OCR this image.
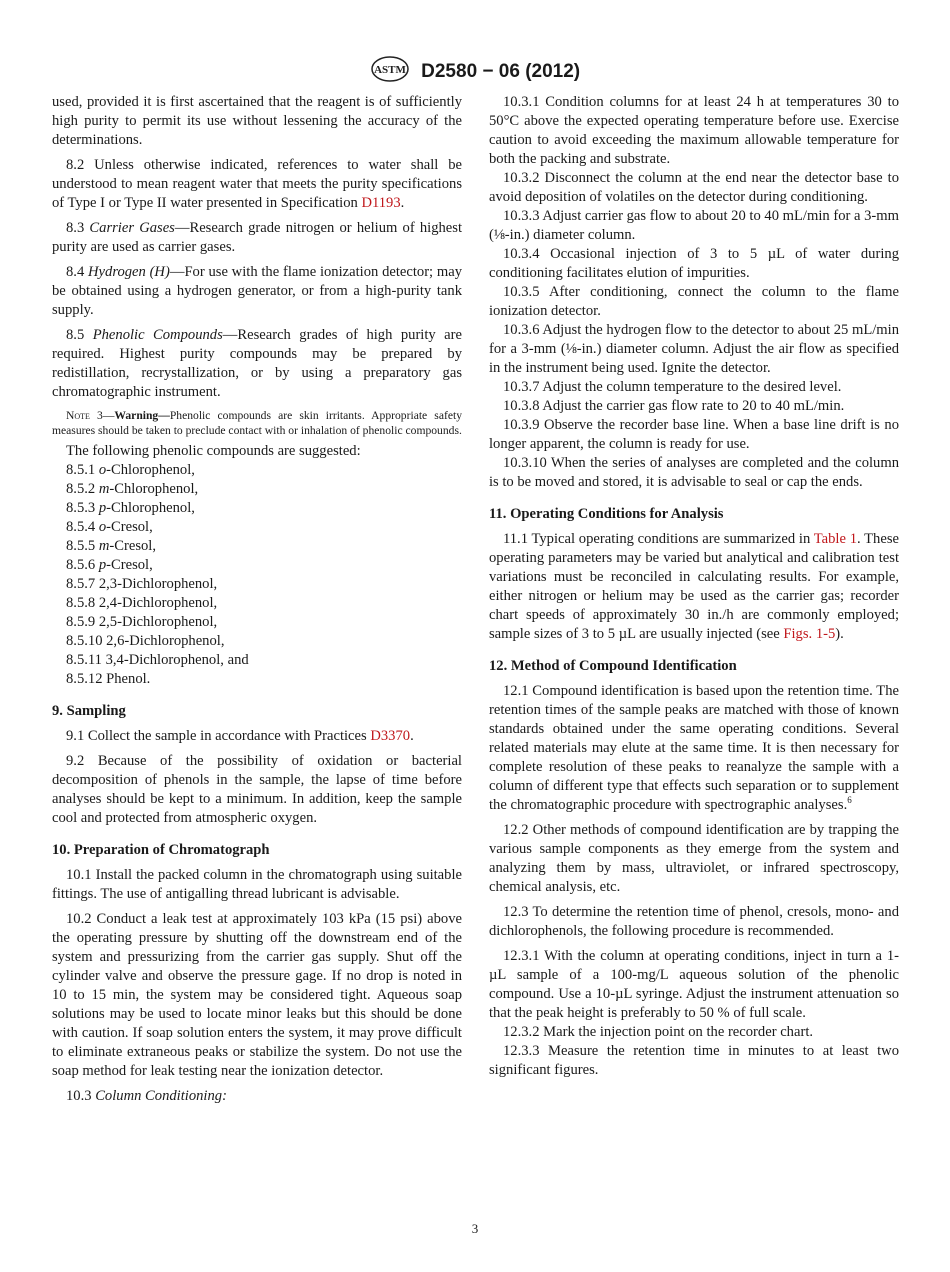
ASTM D2580 − 06 (2012)

used, provided it is first ascertained that the reagent is of sufficiently high purity to permit its use without lessening the accuracy of the determinations.

8.2 Unless otherwise indicated, references to water shall be understood to mean reagent water that meets the purity specifications of Type I or Type II water presented in Specification D1193.

8.3 Carrier Gases—Research grade nitrogen or helium of highest purity are used as carrier gases.

8.4 Hydrogen (H)—For use with the flame ionization detector; may be obtained using a hydrogen generator, or from a high-purity tank supply.

8.5 Phenolic Compounds—Research grades of high purity are required. Highest purity compounds may be prepared by redistillation, recrystallization, or by using a preparatory gas chromatographic instrument.

Note 3—Warning—Phenolic compounds are skin irritants. Appropriate safety measures should be taken to preclude contact with or inhalation of phenolic compounds.

The following phenolic compounds are suggested:

8.5.1 o-Chlorophenol,

8.5.2 m-Chlorophenol,

8.5.3 p-Chlorophenol,

8.5.4 o-Cresol,

8.5.5 m-Cresol,

8.5.6 p-Cresol,

8.5.7 2,3-Dichlorophenol,

8.5.8 2,4-Dichlorophenol,

8.5.9 2,5-Dichlorophenol,

8.5.10 2,6-Dichlorophenol,

8.5.11 3,4-Dichlorophenol, and

8.5.12 Phenol.

9. Sampling

9.1 Collect the sample in accordance with Practices D3370.

9.2 Because of the possibility of oxidation or bacterial decomposition of phenols in the sample, the lapse of time before analyses should be kept to a minimum. In addition, keep the sample cool and protected from atmospheric oxygen.

10. Preparation of Chromatograph

10.1 Install the packed column in the chromatograph using suitable fittings. The use of antigalling thread lubricant is advisable.

10.2 Conduct a leak test at approximately 103 kPa (15 psi) above the operating pressure by shutting off the downstream end of the system and pressurizing from the carrier gas supply. Shut off the cylinder valve and observe the pressure gage. If no drop is noted in 10 to 15 min, the system may be considered tight. Aqueous soap solutions may be used to locate minor leaks but this should be done with caution. If soap solution enters the system, it may prove difficult to eliminate extraneous peaks or stabilize the system. Do not use the soap method for leak testing near the ionization detector.

10.3 Column Conditioning:

10.3.1 Condition columns for at least 24 h at temperatures 30 to 50°C above the expected operating temperature before use. Exercise caution to avoid exceeding the maximum allowable temperature for both the packing and substrate.

10.3.2 Disconnect the column at the end near the detector base to avoid deposition of volatiles on the detector during conditioning.

10.3.3 Adjust carrier gas flow to about 20 to 40 mL/min for a 3-mm (⅛-in.) diameter column.

10.3.4 Occasional injection of 3 to 5 µL of water during conditioning facilitates elution of impurities.

10.3.5 After conditioning, connect the column to the flame ionization detector.

10.3.6 Adjust the hydrogen flow to the detector to about 25 mL/min for a 3-mm (⅛-in.) diameter column. Adjust the air flow as specified in the instrument being used. Ignite the detector.

10.3.7 Adjust the column temperature to the desired level.

10.3.8 Adjust the carrier gas flow rate to 20 to 40 mL/min.

10.3.9 Observe the recorder base line. When a base line drift is no longer apparent, the column is ready for use.

10.3.10 When the series of analyses are completed and the column is to be moved and stored, it is advisable to seal or cap the ends.

11. Operating Conditions for Analysis

11.1 Typical operating conditions are summarized in Table 1. These operating parameters may be varied but analytical and calibration test variations must be reconciled in calculating results. For example, either nitrogen or helium may be used as the carrier gas; recorder chart speeds of approximately 30 in./h are commonly employed; sample sizes of 3 to 5 µL are usually injected (see Figs. 1-5).

12. Method of Compound Identification

12.1 Compound identification is based upon the retention time. The retention times of the sample peaks are matched with those of known standards obtained under the same operating conditions. Several related materials may elute at the same time. It is then necessary for complete resolution of these peaks to reanalyze the sample with a column of different type that effects such separation or to supplement the chromatographic procedure with spectrographic analyses.$^6$

12.2 Other methods of compound identification are by trapping the various sample components as they emerge from the system and analyzing them by mass, ultraviolet, or infrared spectroscopy, chemical analysis, etc.

12.3 To determine the retention time of phenol, cresols, mono- and dichlorophenols, the following procedure is recommended.

12.3.1 With the column at operating conditions, inject in turn a 1-µL sample of a 100-mg/L aqueous solution of the phenolic compound. Use a 10-µL syringe. Adjust the instrument attenuation so that the peak height is preferably to 50 % of full scale.

12.3.2 Mark the injection point on the recorder chart.

12.3.3 Measure the retention time in minutes to at least two significant figures.

3
